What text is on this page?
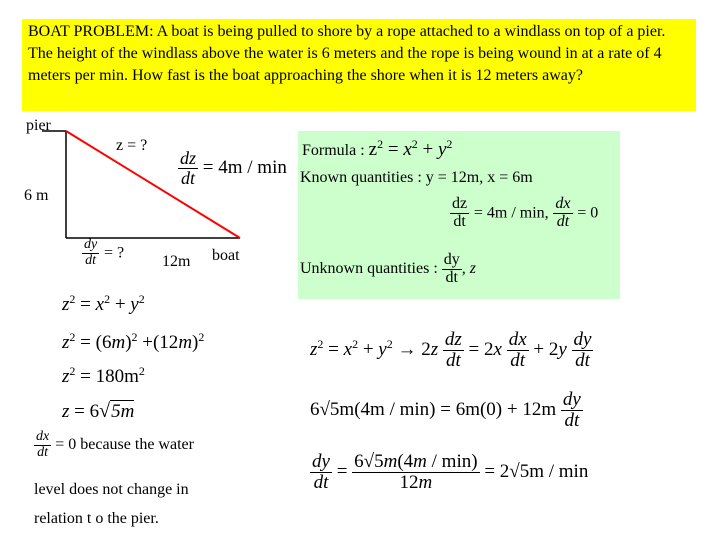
BOAT PROBLEM: A boat is being pulled to shore by a rope attached to a windlass on top of a pier. The height of the windlass above the water is 6 meters and the rope is being wound in at a rate of 4 meters per min. How fast is the boat approaching the shore when it is 12 meters away?
pier
6 m
z = ?
boat
12m
$\frac{dz}{dt} = 4m / \min$
$\frac{dy}{dt}$ = ?
Formula : $z^2 = x^2 + y^2$
Known quantities : y = 12m, x = 6m
$\frac{dz}{dt} = 4m / \min$, $\frac{dx}{dt} = 0$
Unknown quantities : $\frac{dy}{dt}$ , z
$z^2 = x^2 + y^2$
$z^2 = (6m)^2 +(12m)^2$
$z^2 = 180m^2$
z = 6√5m
$\frac{dx}{dt} = 0$ because the water
level does not change in
relation t o the pier.
$z^2 = x^2 + y^2 \to 2z \frac{dz}{dt} = 2x \frac{dx}{dt} + 2y \frac{dy}{dt}$
$6√5m(4m / \min) = 6m(0) + 12m \frac{dy}{dt}$
$\frac{dy}{dt} = \frac{6√5m(4m / \min)}{12m} = 2√5m / \min$
